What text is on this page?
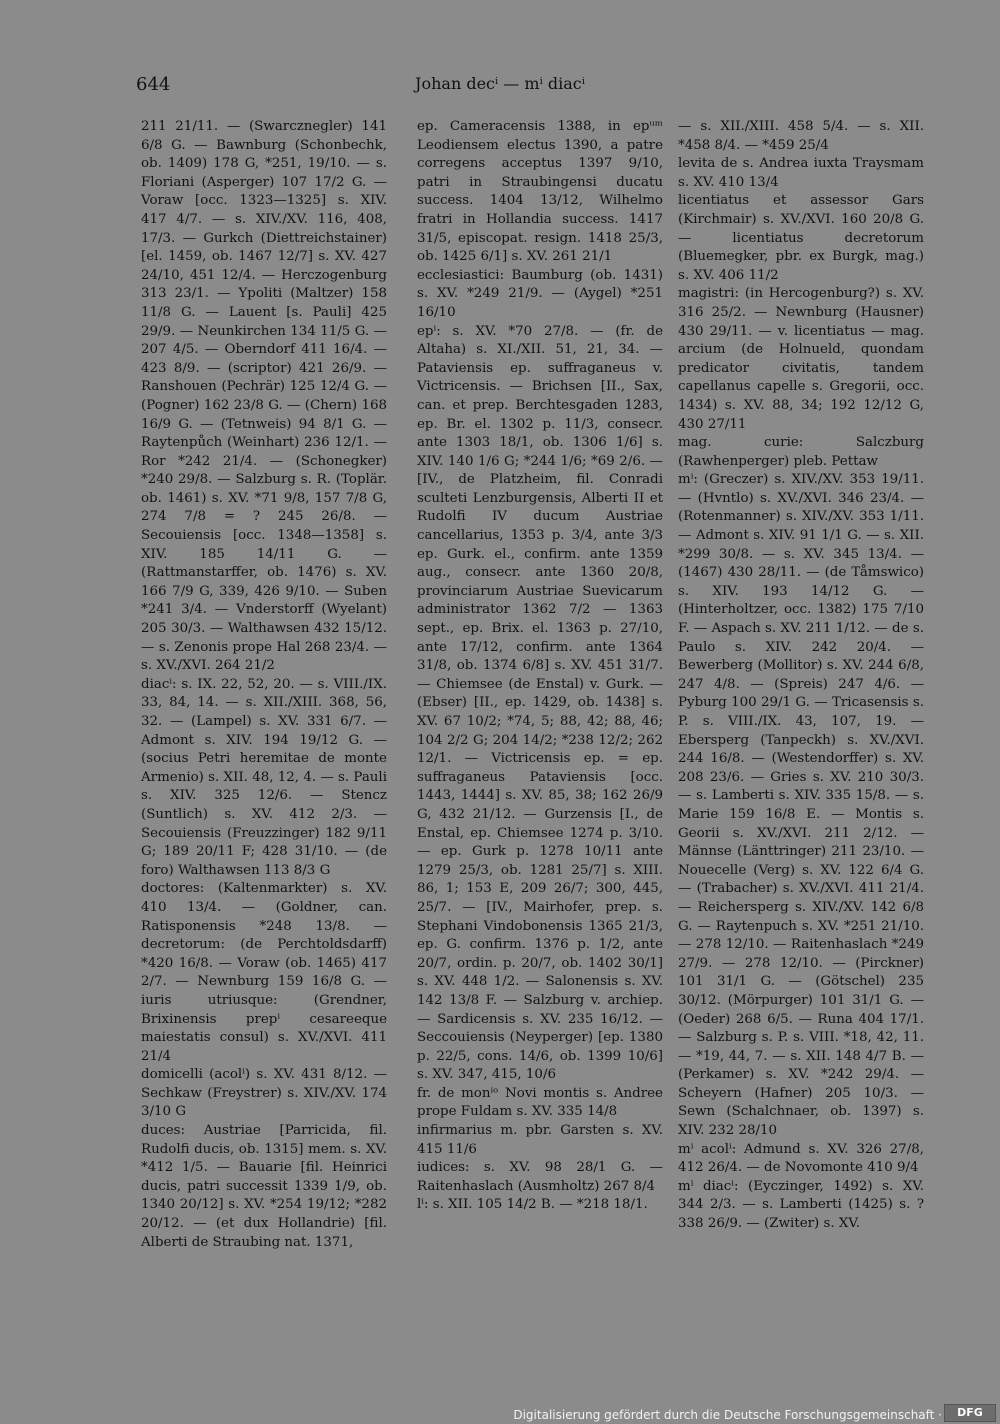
644	Johan decⁱ — mⁱ diacⁱ

211 21/11. — (Swarcznegler) 141 6/8 G. — Bawnburg (Schonbechk, ob. 1409) 178 G, *251, 19/10. — s. Floriani (Asperger) 107 17/2 G. — Voraw [occ. 1323—1325] s. XIV. 417 4/7. — s. XIV./XV. 116, 408, 17/3. — Gurkch (Diettreichstainer) [el. 1459, ob. 1467 12/7] s. XV. 427 24/10, 451 12/4. — Herczogenburg 313 23/1. — Ypoliti (Maltzer) 158 11/8 G. — Lauent [s. Pauli] 425 29/9. — Neunkirchen 134 11/5 G. — 207 4/5. — Oberndorf 411 16/4. — 423 8/9. — (scriptor) 421 26/9. — Ranshouen (Pechrär) 125 12/4 G. — (Pogner) 162 23/8 G. — (Chern) 168 16/9 G. — (Tetnweis) 94 8/1 G. — Raytenpůch (Weinhart) 236 12/1. — Ror *242 21/4. — (Schonegker) *240 29/8. — Salzburg s. R. (Toplär. ob. 1461) s. XV. *71 9/8, 157 7/8 G, 274 7/8 = ? 245 26/8. — Secouiensis [occ. 1348—1358] s. XIV. 185 14/11 G. — (Rattmanstarffer, ob. 1476) s. XV. 166 7/9 G, 339, 426 9/10. — Suben *241 3/4. — Vnderstorff (Wyelant) 205 30/3. — Walthawsen 432 15/12. — s. Zenonis prope Hal 268 23/4. — s. XV./XVI. 264 21/2

diacⁱ: s. IX. 22, 52, 20. — s. VIII./IX. 33, 84, 14. — s. XII./XIII. 368, 56, 32. — (Lampel) s. XV. 331 6/7. — Admont s. XIV. 194 19/12 G. — (socius Petri heremitae de monte Armenio) s. XII. 48, 12, 4. — s. Pauli s. XIV. 325 12/6. — Stencz (Suntlich) s. XV. 412 2/3. — Secouiensis (Freuzzinger) 182 9/11 G; 189 20/11 F; 428 31/10. — (de foro) Walthawsen 113 8/3 G

doctores: (Kaltenmarkter) s. XV. 410 13/4. — (Goldner, can. Ratisponensis *248 13/8. — decretorum: (de Perchtoldsdarff) *420 16/8. — Voraw (ob. 1465) 417 2/7. — Newnburg 159 16/8 G. — iuris utriusque: (Grendner, Brixinensis prepⁱ cesareeque maiestatis consul) s. XV./XVI. 411 21/4

domicelli (acolⁱ) s. XV. 431 8/12. — Sechkaw (Freystrer) s. XIV./XV. 174 3/10 G

duces: Austriae [Parricida, fil. Rudolfi ducis, ob. 1315] mem. s. XV. *412 1/5. — Bauarie [fil. Heinrici ducis, patri successit 1339 1/9, ob. 1340 20/12] s. XV. *254 19/12; *282 20/12. — (et dux Hollandrie) [fil. Alberti de Straubing nat. 1371,

ep. Cameracensis 1388, in epᵘᵐ Leodiensem electus 1390, a patre corregens acceptus 1397 9/10, patri in Straubingensi ducatu success. 1404 13/12, Wilhelmo fratri in Hollandia success. 1417 31/5, episcopat. resign. 1418 25/3, ob. 1425 6/1] s. XV. 261 21/1

ecclesiastici: Baumburg (ob. 1431) s. XV. *249 21/9. — (Aygel) *251 16/10

epⁱ: s. XV. *70 27/8. — (fr. de Altaha) s. XI./XII. 51, 21, 34. — Pataviensis ep. suffraganeus v. Victricensis. — Brichsen [II., Sax, can. et prep. Berchtesgaden 1283, ep. Br. el. 1302 p. 11/3, consecr. ante 1303 18/1, ob. 1306 1/6] s. XIV. 140 1/6 G; *244 1/6; *69 2/6. — [IV., de Platzheim, fil. Conradi sculteti Lenzburgensis, Alberti II et Rudolfi IV ducum Austriae cancellarius, 1353 p. 3/4, ante 3/3 ep. Gurk. el., confirm. ante 1359 aug., consecr. ante 1360 20/8, provinciarum Austriae Suevicarum administrator 1362 7/2 — 1363 sept., ep. Brix. el. 1363 p. 27/10, ante 17/12, confirm. ante 1364 31/8, ob. 1374 6/8] s. XV. 451 31/7. — Chiemsee (de Enstal) v. Gurk. — (Ebser) [II., ep. 1429, ob. 1438] s. XV. 67 10/2; *74, 5; 88, 42; 88, 46; 104 2/2 G; 204 14/2; *238 12/2; 262 12/1. — Victricensis ep. = ep. suffraganeus Pataviensis [occ. 1443, 1444] s. XV. 85, 38; 162 26/9 G, 432 21/12. — Gurzensis [I., de Enstal, ep. Chiemsee 1274 p. 3/10. — ep. Gurk p. 1278 10/11 ante 1279 25/3, ob. 1281 25/7] s. XIII. 86, 1; 153 E, 209 26/7; 300, 445, 25/7. — [IV., Mairhofer, prep. s. Stephani Vindobonensis 1365 21/3, ep. G. confirm. 1376 p. 1/2, ante 20/7, ordin. p. 20/7, ob. 1402 30/1] s. XV. 448 1/2. — Salonensis s. XV. 142 13/8 F. — Salzburg v. archiep. — Sardicensis s. XV. 235 16/12. — Seccouiensis (Neyperger) [ep. 1380 p. 22/5, cons. 14/6, ob. 1399 10/6] s. XV. 347, 415, 10/6

fr. de monⁱᵒ Novi montis s. Andree prope Fuldam s. XV. 335 14/8

infirmarius m. pbr. Garsten s. XV. 415 11/6

iudices: s. XV. 98 28/1 G. — Raitenhaslach (Ausmholtz) 267 8/4

lⁱ: s. XII. 105 14/2 B. — *218 18/1.

— s. XII./XIII. 458 5/4. — s. XII. *458 8/4. — *459 25/4

levita de s. Andrea iuxta Traysmam s. XV. 410 13/4

licentiatus et assessor Gars (Kirchmair) s. XV./XVI. 160 20/8 G. — licentiatus decretorum (Bluemegker, pbr. ex Burgk, mag.) s. XV. 406 11/2

magistri: (in Hercogenburg?) s. XV. 316 25/2. — Newnburg (Hausner) 430 29/11. — v. licentiatus — mag. arcium (de Holnueld, quondam predicator civitatis, tandem capellanus capelle s. Gregorii, occ. 1434) s. XV. 88, 34; 192 12/12 G, 430 27/11

mag. curie: Salczburg (Rawhenperger) pleb. Pettaw

mⁱ: (Greczer) s. XIV./XV. 353 19/11. — (Hvntlo) s. XV./XVI. 346 23/4. — (Rotenmanner) s. XIV./XV. 353 1/11. — Admont s. XIV. 91 1/1 G. — s. XII. *299 30/8. — s. XV. 345 13/4. — (1467) 430 28/11. — (de Tåmswico) s. XIV. 193 14/12 G. — (Hinterholtzer, occ. 1382) 175 7/10 F. — Aspach s. XV. 211 1/12. — de s. Paulo s. XIV. 242 20/4. — Bewerberg (Mollitor) s. XV. 244 6/8, 247 4/8. — (Spreis) 247 4/6. — Pyburg 100 29/1 G. — Tricasensis s. P. s. VIII./IX. 43, 107, 19. — Ebersperg (Tanpeckh) s. XV./XVI. 244 16/8. — (Westendorffer) s. XV. 208 23/6. — Gries s. XV. 210 30/3. — s. Lamberti s. XIV. 335 15/8. — s. Marie 159 16/8 E. — Montis s. Georii s. XV./XVI. 211 2/12. — Männse (Länttringer) 211 23/10. — Nouecelle (Verg) s. XV. 122 6/4 G. — (Trabacher) s. XV./XVI. 411 21/4. — Reichersperg s. XIV./XV. 142 6/8 G. — Raytenpuch s. XV. *251 21/10. — 278 12/10. — Raitenhaslach *249 27/9. — 278 12/10. — (Pirckner) 101 31/1 G. — (Götschel) 235 30/12. (Mörpurger) 101 31/1 G. — (Oeder) 268 6/5. — Runa 404 17/1. — Salzburg s. P. s. VIII. *18, 42, 11. — *19, 44, 7. — s. XII. 148 4/7 B. — (Perkamer) s. XV. *242 29/4. — Scheyern (Hafner) 205 10/3. — Sewn (Schalchnaer, ob. 1397) s. XIV. 232 28/10

mⁱ acolⁱ: Admund s. XV. 326 27/8, 412 26/4. — de Novomonte 410 9/4

mⁱ diacⁱ: (Eyczinger, 1492) s. XV. 344 2/3. — s. Lamberti (1425) s. ? 338 26/9. — (Zwiter) s. XV.

Digitalisierung gefördert durch die Deutsche Forschungsgemeinschaft ·	DFG
